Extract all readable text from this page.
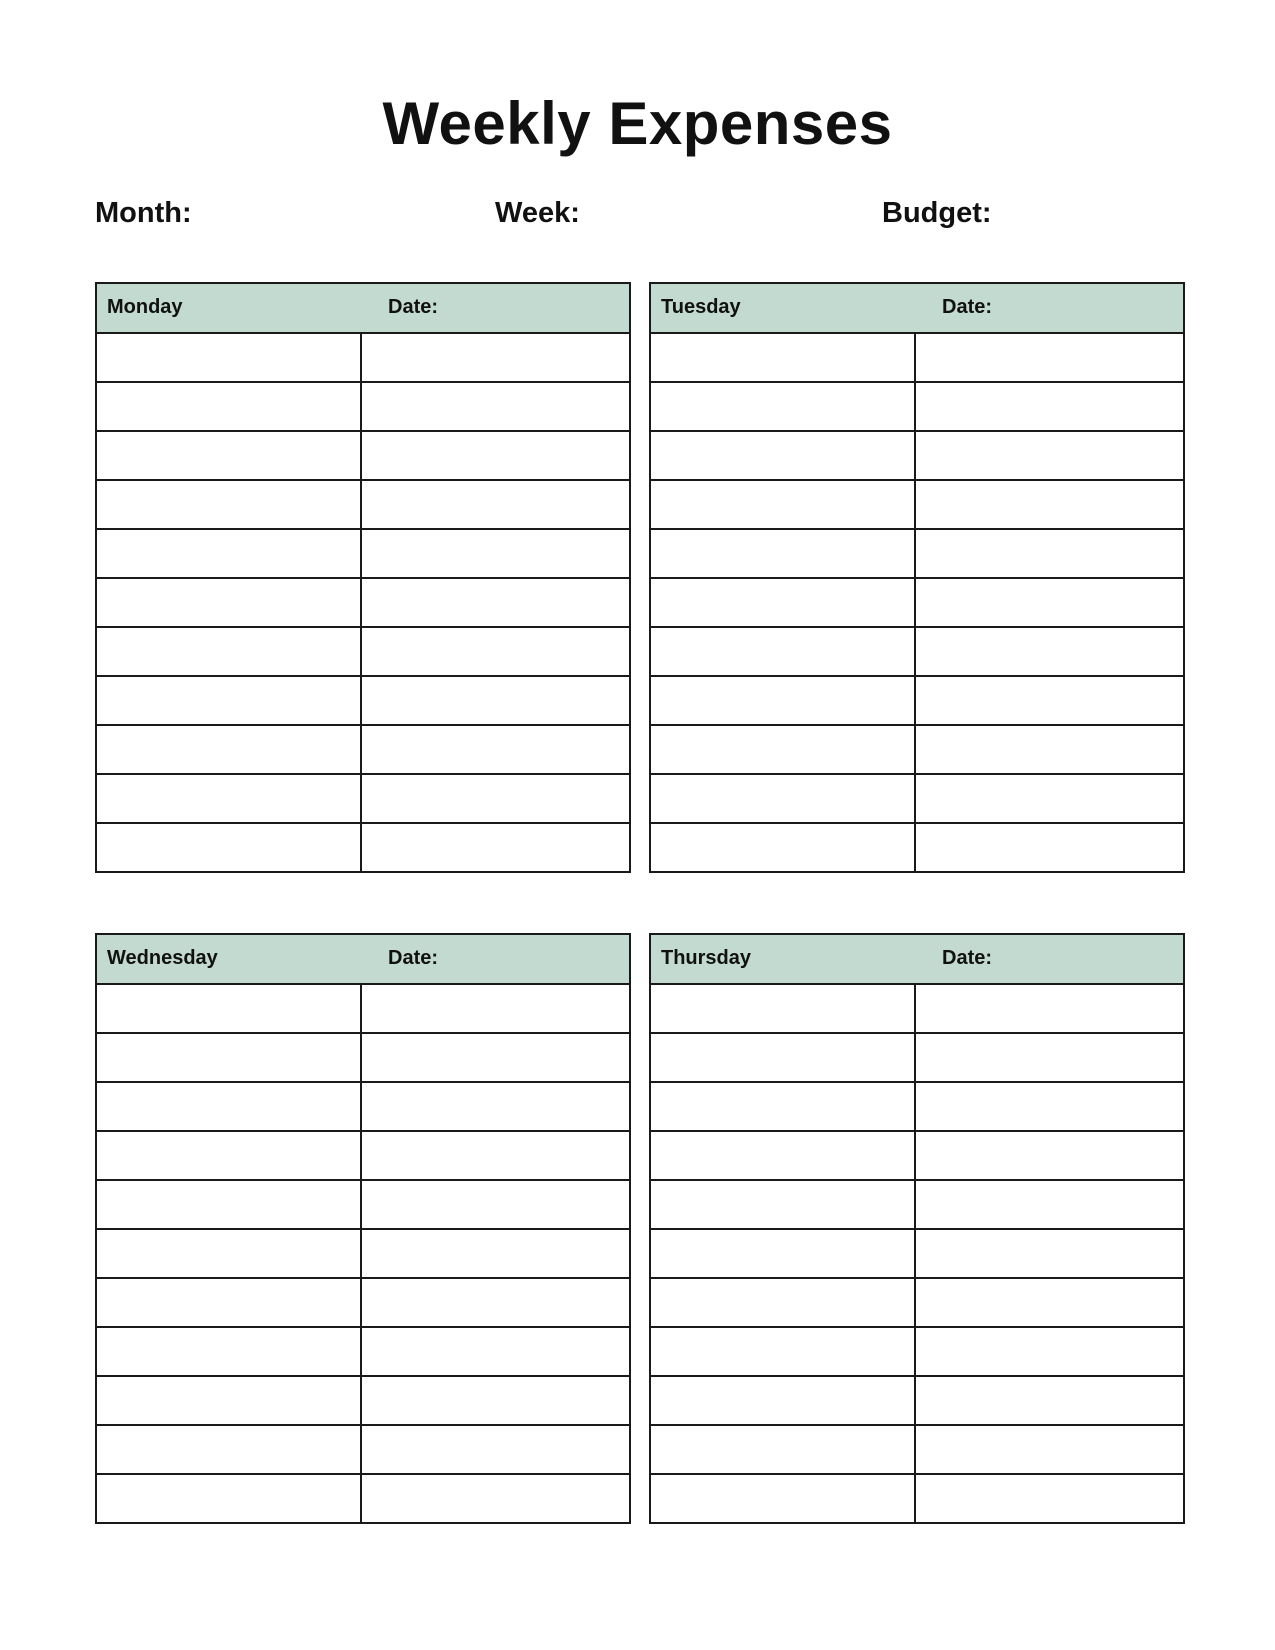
Weekly Expenses
Month:	Week:	Budget:
Monday Date:	

		Tuesday Date:	

Wednesday Date:	

		Thursday Date:	
